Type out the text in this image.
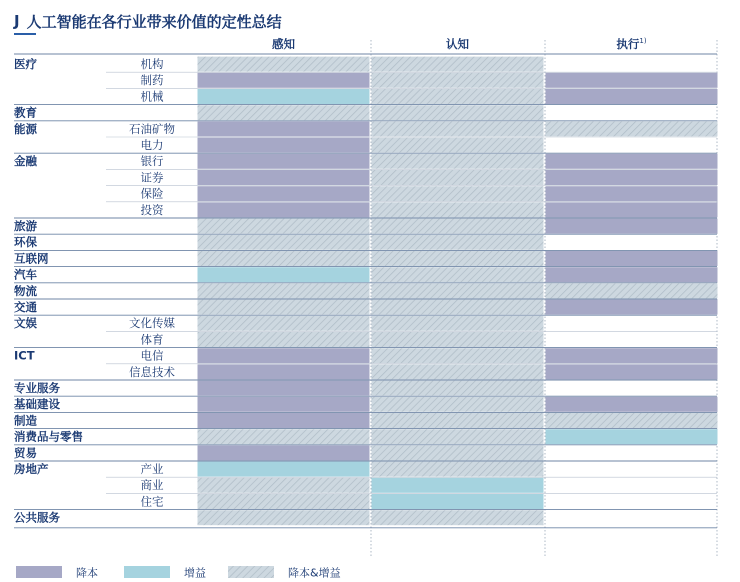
J 人工智能在各行业带来价值的定性总结
感知	认知	执行$^{1)}$
医疗	机构
制药
机械
教育
能源	石油矿物
电力
金融	银行
证券
保险
投资
旅游
环保
互联网
汽车
物流
交通
文娱	文化传媒
体育
ICT	电信
信息技术
专业服务
基础建设
制造
消费品与零售
贸易
房地产	产业
商业
住宅
公共服务
降本	增益	降本&增益
